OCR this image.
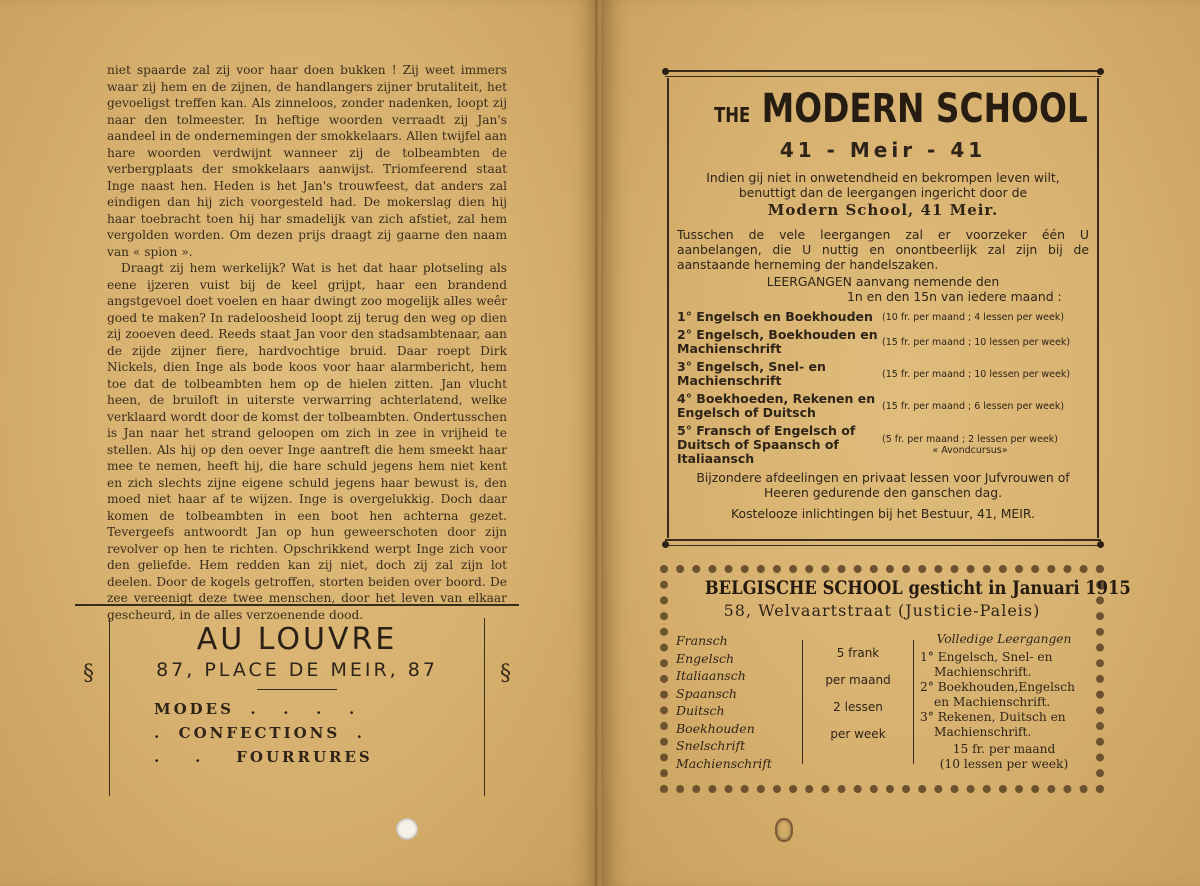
niet spaarde zal zij voor haar doen bukken ! Zij weet immers waar zij hem en de zijnen, de handlangers zijner brutaliteit, het gevoeligst treffen kan. Als zinneloos, zonder nadenken, loopt zij naar den tolmeester. In heftige woorden verraadt zij Jan's aandeel in de ondernemingen der smokkelaars. Allen twijfel aan hare woorden verdwijnt wanneer zij de tolbeambten de verbergplaats der smokkelaars aanwijst. Triomfeerend staat Inge naast hen. Heden is het Jan's trouwfeest, dat anders zal eindigen dan hij zich voorgesteld had. De mokerslag dien hij haar toebracht toen hij har smadelijk van zich afstiet, zal hem vergolden worden. Om dezen prijs draagt zij gaarne den naam van « spion ».

Draagt zij hem werkelijk? Wat is het dat haar plotseling als eene ijzeren vuist bij de keel grijpt, haar een brandend angstgevoel doet voelen en haar dwingt zoo mogelijk alles weêr goed te maken? In radeloosheid loopt zij terug den weg op dien zij zooeven deed. Reeds staat Jan voor den stadsambtenaar, aan de zijde zijner fiere, hardvochtige bruid. Daar roept Dirk Nickels, dien Inge als bode koos voor haar alarmbericht, hem toe dat de tolbeambten hem op de hielen zitten. Jan vlucht heen, de bruiloft in uiterste verwarring achterlatend, welke verklaard wordt door de komst der tolbeambten. Ondertusschen is Jan naar het strand geloopen om zich in zee in vrijheid te stellen. Als hij op den oever Inge aantreft die hem smeekt haar mee te nemen, heeft hij, die hare schuld jegens hem niet kent en zich slechts zijne eigene schuld jegens haar bewust is, den moed niet haar af te wijzen. Inge is overgelukkig. Doch daar komen de tolbeambten in een boot hen achterna gezet. Tevergeefs antwoordt Jan op hun geweerschoten door zijn revolver op hen te richten. Opschrikkend werpt Inge zich voor den geliefde. Hem redden kan zij niet, doch zij zal zijn lot deelen. Door de kogels getroffen, storten beiden over boord. De zee vereenigt deze twee menschen, door het leven van elkaar gescheurd, in de alles verzoenende dood.

§	§
AU LOUVRE
87, PLACE DE MEIR, 87
MODES  .   .   .   .
.  CONFECTIONS  .
.    .    FOURRURES
THE MODERN SCHOOL
41 - Meir - 41
Indien gij niet in onwetendheid en bekrompen leven wilt, benuttigt dan de leergangen ingericht door de
Modern School, 41 Meir.
Tusschen de vele leergangen zal er voorzeker één U aanbelangen, die U nuttig en onontbeerlijk zal zijn bij de aanstaande herneming der handelszaken.
LEERGANGEN aanvang nemende den
1n en den 15n van iedere maand :
1° Engelsch en Boekhouden (10 fr. per maand ; 4 lessen per week)
2° Engelsch, Boekhouden en Machienschrift	(15 fr. per maand ; 10 lessen per week)
3° Engelsch, Snel- en Machienschrift	(15 fr. per maand ; 10 lessen per week)
4° Boekhoeden, Rekenen en Engelsch of Duitsch	(15 fr. per maand ; 6 lessen per week)
5° Fransch of Engelsch of Duitsch of Spaansch of Italiaansch
(5 fr. per maand ; 2 lessen per week)
« Avondcursus»
Bijzondere afdeelingen en privaat lessen voor Jufvrouwen of Heeren gedurende den ganschen dag.
Kostelooze inlichtingen bij het Bestuur, 41, MEIR.
BELGISCHE SCHOOL gesticht in Januari 1915
58, Welvaartstraat (Justicie-Paleis)
Fransch
Engelsch
Italiaansch
Spaansch
Duitsch
Boekhouden
Snelschrift
Machienschrift
5 frank
per maand
2 lessen
per week
Volledige Leergangen
1° Engelsch, Snel- en Machienschrift.
2° Boekhouden,Engelsch en Machienschrift.
3° Rekenen, Duitsch en Machienschrift.
15 fr. per maand
(10 lessen per week)
